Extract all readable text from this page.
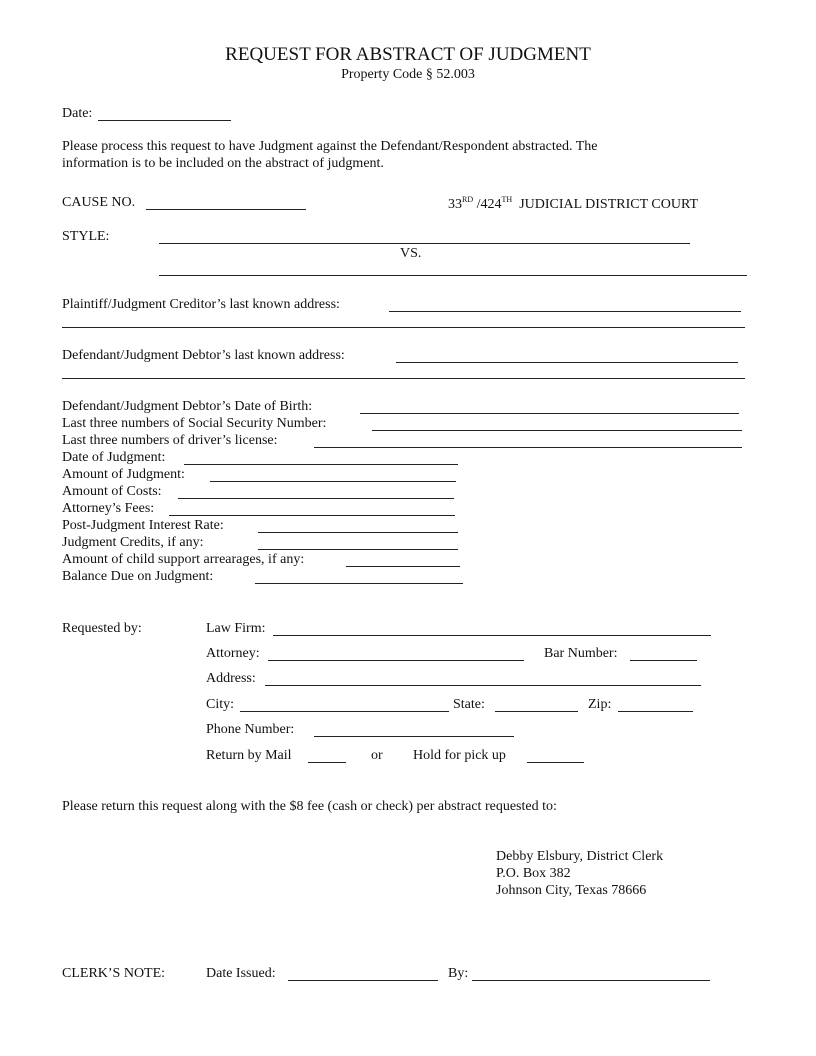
REQUEST FOR ABSTRACT OF JUDGMENT
Property Code § 52.003
Date:
Please process this request to have Judgment against the Defendant/Respondent abstracted. The
information is to be included on the abstract of judgment.
CAUSE NO.	33RD /424TH JUDICIAL DISTRICT COURT
STYLE:
VS.
Plaintiff/Judgment Creditor’s last known address:
Defendant/Judgment Debtor’s last known address:
Defendant/Judgment Debtor’s Date of Birth:
Last three numbers of Social Security Number:
Last three numbers of driver’s license:
Date of Judgment:
Amount of Judgment:
Amount of Costs:
Attorney’s Fees:
Post-Judgment Interest Rate:
Judgment Credits, if any:
Amount of child support arrearages, if any:
Balance Due on Judgment:
Requested by:	Law Firm:
Attorney:	Bar Number:
Address:
City:	State:	Zip:
Phone Number:
Return by Mail	or Hold for pick up
Please return this request along with the $8 fee (cash or check) per abstract requested to:
Debby Elsbury, District Clerk
P.O. Box 382
Johnson City, Texas 78666
CLERK’S NOTE:	Date Issued:	By:
